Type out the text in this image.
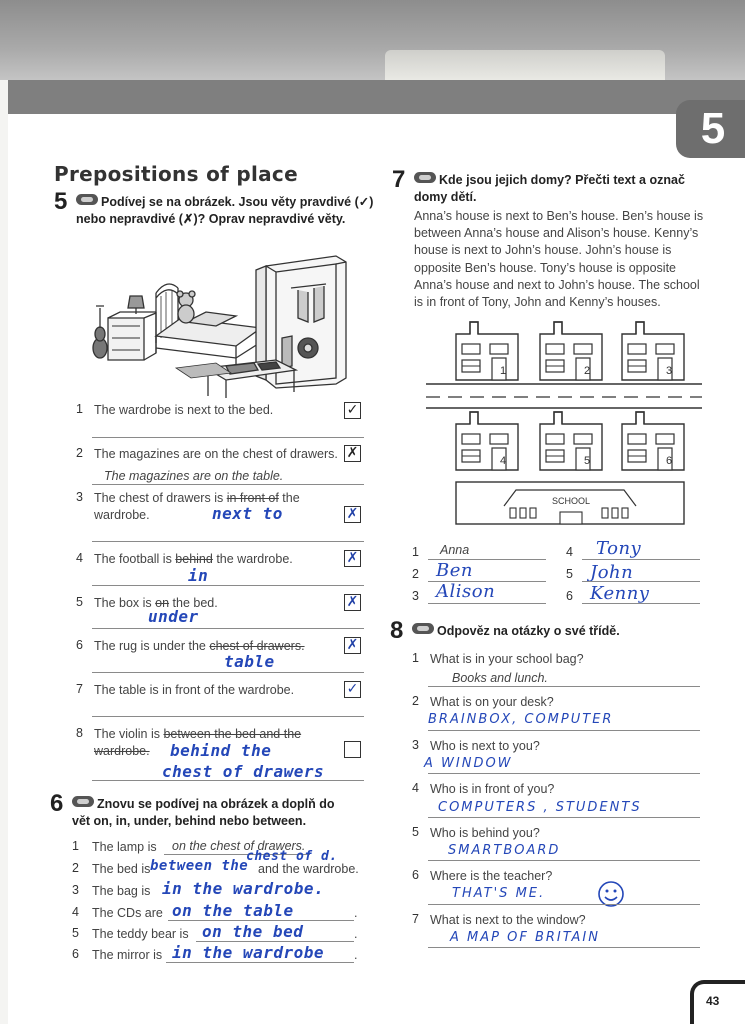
5
Prepositions of place
5	Podívej se na obrázek. Jsou věty pravdivé (✓)
nebo nepravdivé (✗)? Oprav nepravdivé věty.
1 The wardrobe is next to the bed.	✓
2 The magazines are on the chest of drawers. ✗
The magazines are on the table.
3 The chest of drawers is in front of the
wardrobe.	next to	✗
4 The football is behind the wardrobe.
in
✗
5 The box is on the bed.
under
✗
6 The rug is under the chest of drawers.
table
✗
7 The table is in front of the wardrobe.	✓
8 The violin is between the bed and the
wardrobe.	behind the
chest of drawers
6	Znovu se podívej na obrázek a doplň do
vět on, in, under, behind nebo between.
1 The lamp is on the chest of drawers.
2 The bed is between the
chest of d.
and the wardrobe.
3 The bag is in the wardrobe.
4 The CDs are on the table	.
5 The teddy bear is on the bed	.
6 The mirror is in the wardrobe .
7	Kde jsou jejich domy? Přečti text a označ
domy dětí.
Anna’s house is next to Ben’s house. Ben’s house is
between Anna’s house and Alison’s house. Kenny’s
house is next to John’s house. John’s house is
opposite Ben’s house. Tony’s house is opposite
Anna’s house and next to John’s house. The school
is in front of Tony, John and Kenny’s houses.
1	2	3
4	5	6
SCHOOL
1 Anna	4 Tony
2 Ben	5 John
3 Alison	6 Kenny
8	Odpověz na otázky o své třídě.
1 What is in your school bag?
Books and lunch.
2 What is on your desk?
BRAINBOX, COMPUTER
3 Who is next to you?
A WINDOW
4 Who is in front of you?
COMPUTERS , STUDENTS
5 Who is behind you?
SMARTBOARD
6 Where is the teacher?
THAT'S ME.
7 What is next to the window?
A MAP OF BRITAIN
43
